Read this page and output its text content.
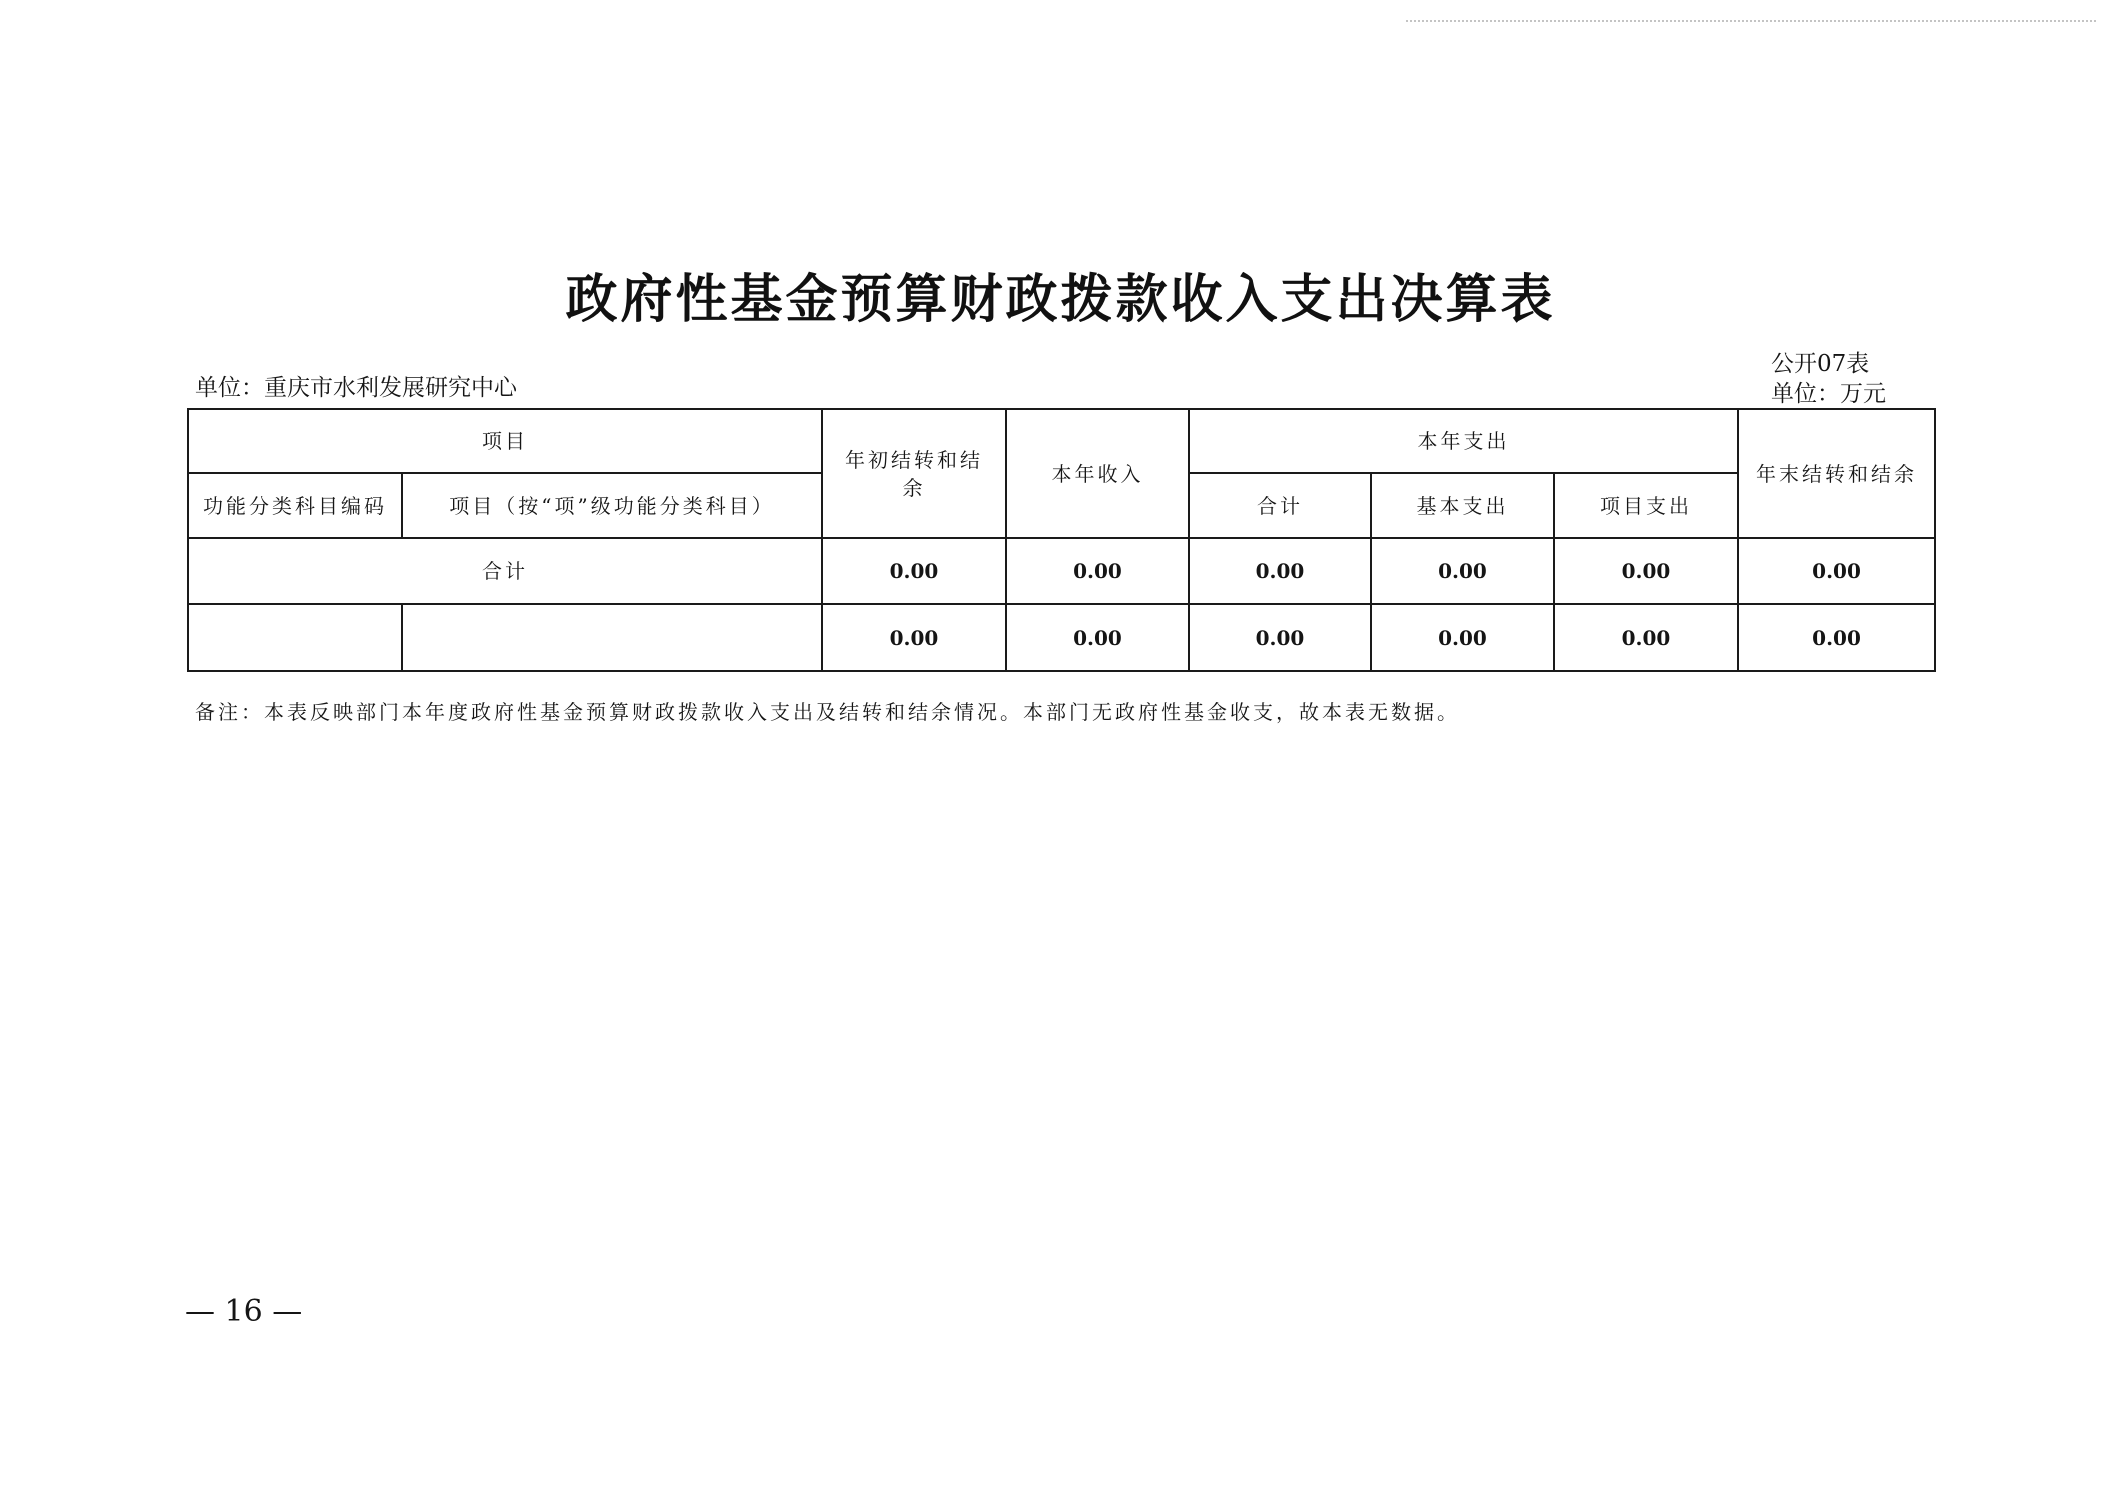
政府性基金预算财政拨款收入支出决算表
公开07表
单位：万元
单位：重庆市水利发展研究中心
项目		年初结转和结余	本年收入	本年支出			年末结转和结余
功能分类科目编码	项目（按“项”级功能分类科目）			合计	基本支出	项目支出	
合计		0.00	0.00	0.00	0.00	0.00	0.00
		0.00	0.00	0.00	0.00	0.00	0.00
备注：本表反映部门本年度政府性基金预算财政拨款收入支出及结转和结余情况。本部门无政府性基金收支，故本表无数据。
— 16 —
